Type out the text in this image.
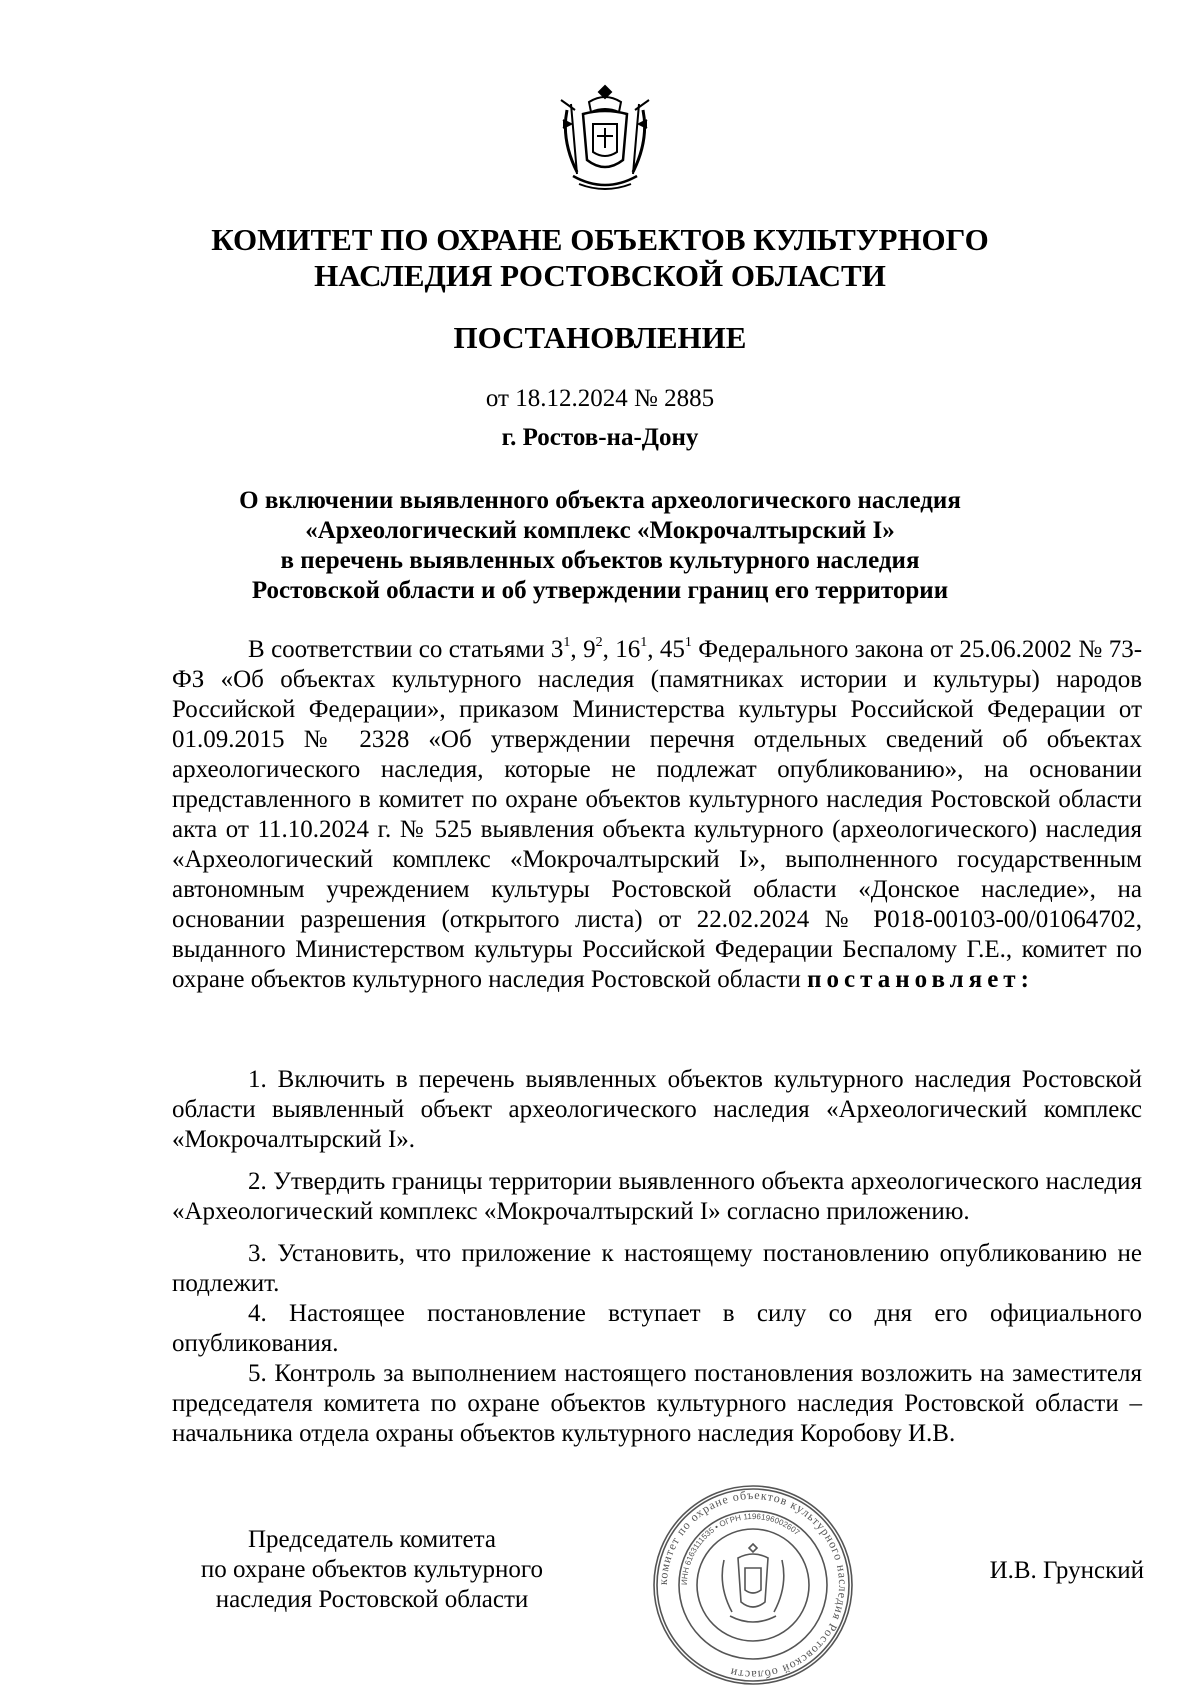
КОМИТЕТ ПО ОХРАНЕ ОБЪЕКТОВ КУЛЬТУРНОГО
НАСЛЕДИЯ РОСТОВСКОЙ ОБЛАСТИ
ПОСТАНОВЛЕНИЕ
от 18.12.2024 № 2885
г. Ростов-на-Дону
О включении выявленного объекта археологического наследия
«Археологический комплекс «Мокрочалтырский I»
в перечень выявленных объектов культурного наследия
Ростовской области и об утверждении границ его территории

В соответствии со статьями $3^1$, $9^2$, $16^1$, $45^1$ Федерального закона от 25.06.2002 № 73-ФЗ «Об объектах культурного наследия (памятниках истории и культуры) народов Российской Федерации», приказом Министерства культуры Российской Федерации от 01.09.2015 № 2328 «Об утверждении перечня отдельных сведений об объектах археологического наследия, которые не подлежат опубликованию», на основании представленного в комитет по охране объектов культурного наследия Ростовской области акта от 11.10.2024 г. № 525 выявления объекта культурного (археологического) наследия «Археологический комплекс «Мокрочалтырский I», выполненного государственным автономным учреждением культуры Ростовской области «Донское наследие», на основании разрешения (открытого листа) от 22.02.2024 № Р018-00103-00/01064702, выданного Министерством культуры Российской Федерации Беспалому Г.Е., комитет по охране объектов культурного наследия Ростовской области постановляет:

1. Включить в перечень выявленных объектов культурного наследия Ростовской области выявленный объект археологического наследия «Археологический комплекс «Мокрочалтырский I».

2. Утвердить границы территории выявленного объекта археологического наследия «Археологический комплекс «Мокрочалтырский I» согласно приложению.

3. Установить, что приложение к настоящему постановлению опубликованию не подлежит.

4. Настоящее постановление вступает в силу со дня его официального опубликования.

5. Контроль за выполнением настоящего постановления возложить на заместителя председателя комитета по охране объектов культурного наследия Ростовской области – начальника отдела охраны объектов культурного наследия Коробову И.В.

Председатель комитета
по охране объектов культурного
наследия Ростовской области
комитет по охране объектов культурного наследия Ростовской области
ИНН 6163111535 • ОГРН 1196196002607
И.В. Грунский
